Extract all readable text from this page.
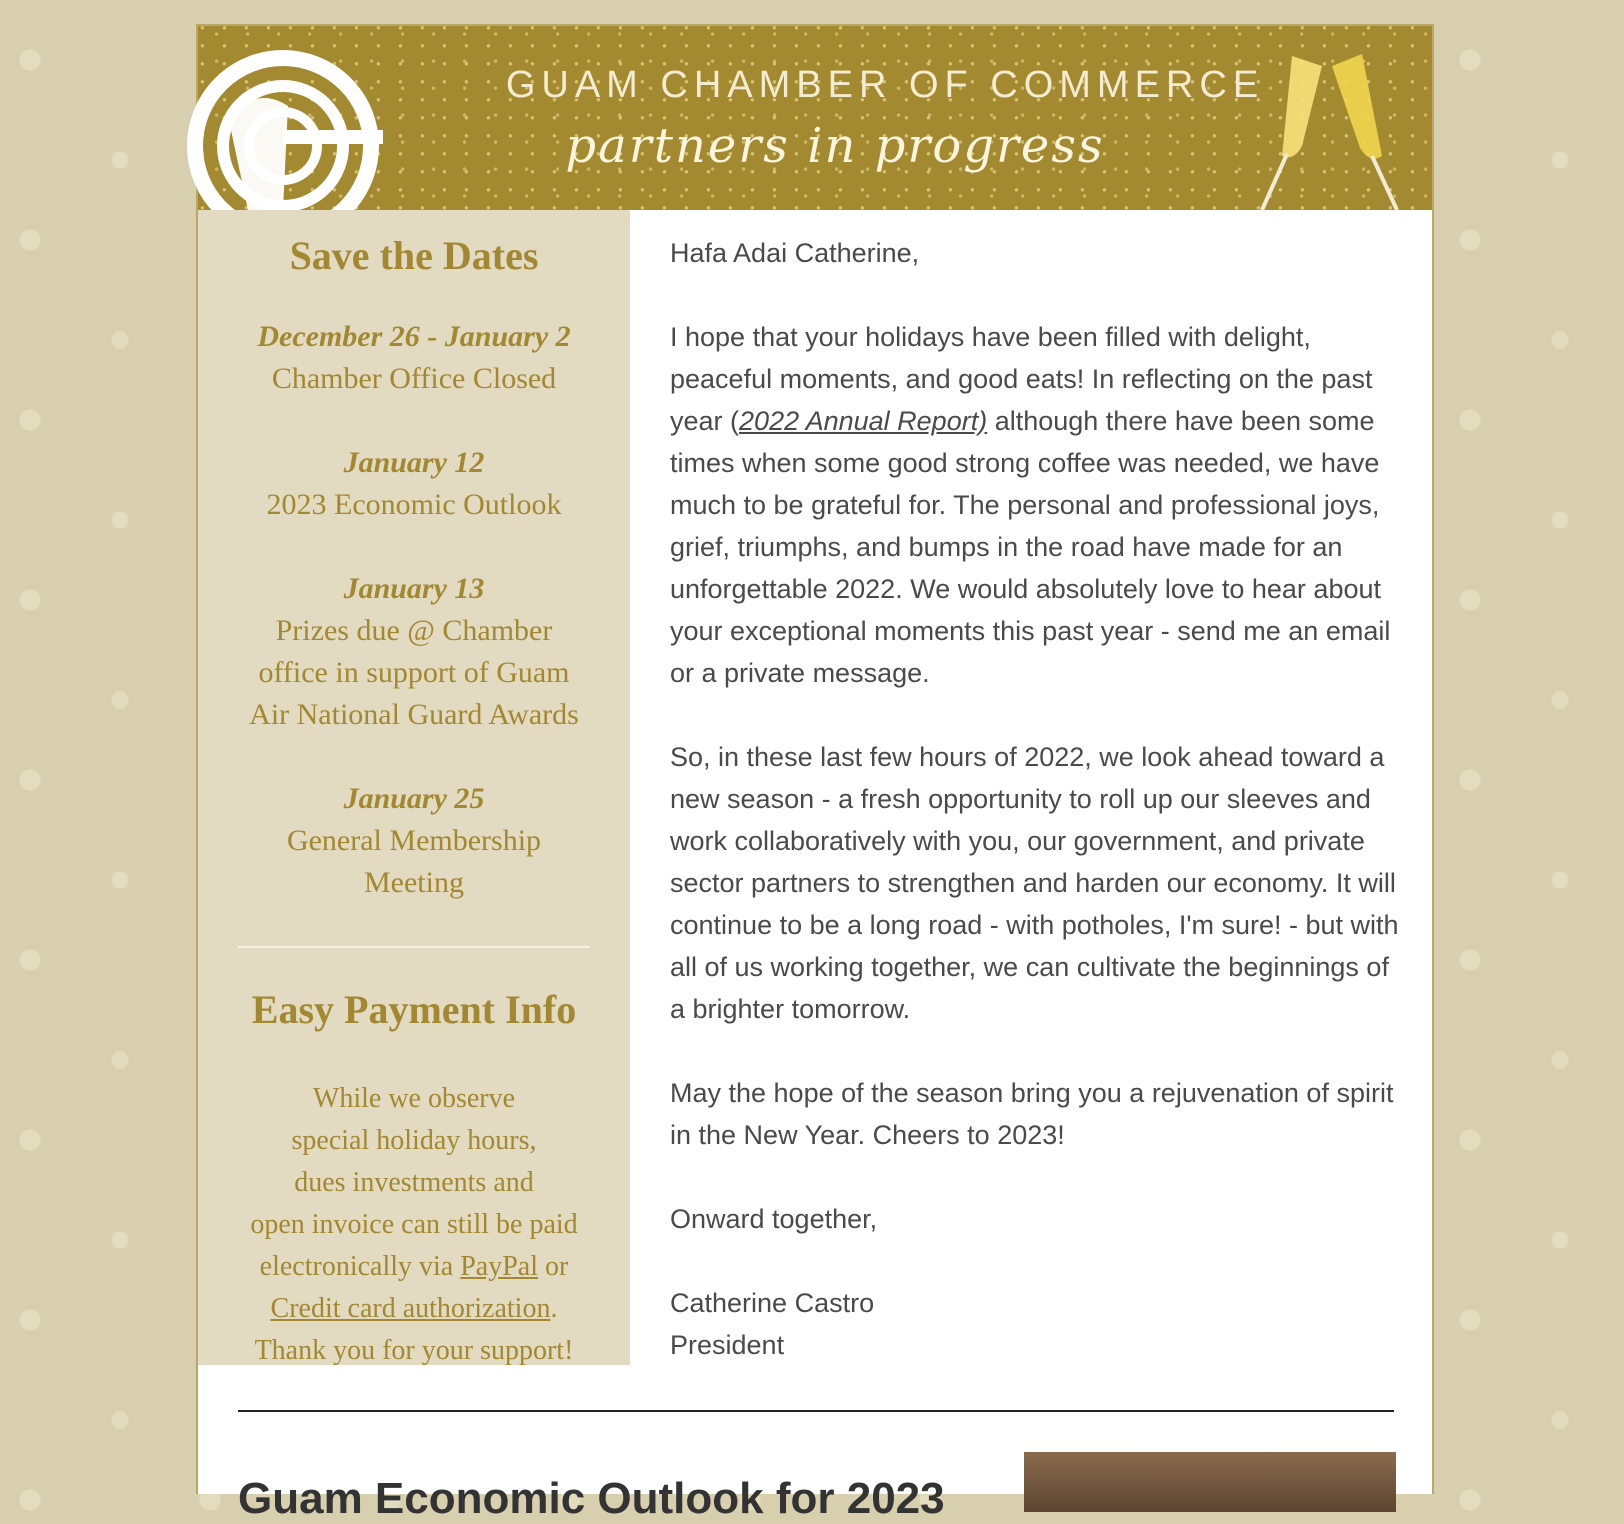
GUAM CHAMBER OF COMMERCE
partners in progress
Save the Dates
December 26 - January 2
Chamber Office Closed
January 12
2023 Economic Outlook
January 13
Prizes due @ Chamber office in support of Guam Air National Guard Awards
January 25
General Membership Meeting
Easy Payment Info
While we observe
special holiday hours,
dues investments and
open invoice can still be paid
electronically via PayPal or
Credit card authorization.
Thank you for your support!

Hafa Adai Catherine,

I hope that your holidays have been filled with delight, peaceful moments, and good eats! In reflecting on the past year (2022 Annual Report) although there have been some times when some good strong coffee was needed, we have much to be grateful for. The personal and professional joys, grief, triumphs, and bumps in the road have made for an unforgettable 2022. We would absolutely love to hear about your exceptional moments this past year - send me an email or a private message.

So, in these last few hours of 2022, we look ahead toward a new season - a fresh opportunity to roll up our sleeves and work collaboratively with you, our government, and private sector partners to strengthen and harden our economy. It will continue to be a long road - with potholes, I'm sure! - but with all of us working together, we can cultivate the beginnings of a brighter tomorrow.

May the hope of the season bring you a rejuvenation of spirit in the New Year. Cheers to 2023!

Onward together,

Catherine Castro
President
Guam Economic Outlook for 2023
